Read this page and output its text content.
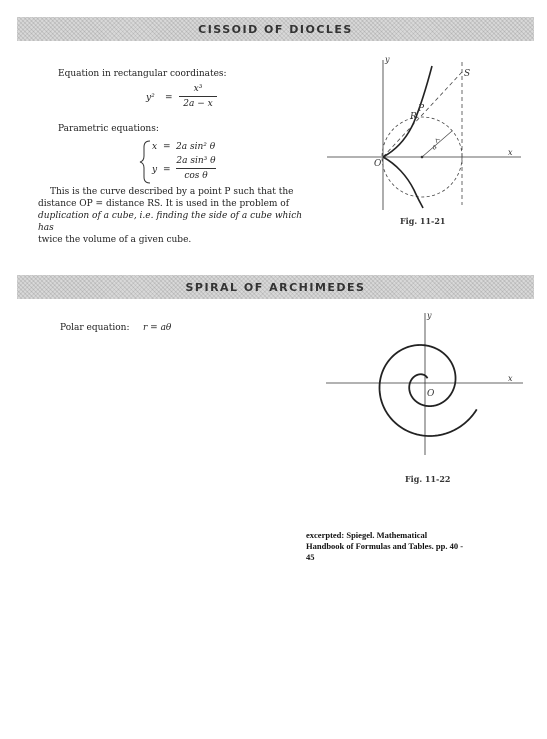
CISSOID OF DIOCLES
Equation in rectangular coordinates:
y² =
x³
2a − x
Parametric equations:
x = 2a sin² θ
y =
2a sin³ θ
cos θ
This is the curve described by a point P such that the
distance OP = distance RS. It is used in the problem of
duplication of a cube, i.e. finding the side of a cube which has
twice the volume of a given cube.
y
x
O
P
R
S
a
Fig. 11-21
SPIRAL OF ARCHIMEDES
Polar equation: r = aθ
y
x
O
Fig. 11-22
excerpted: Spiegel. Mathematical
Handbook of Formulas and Tables. pp. 40 -
45
